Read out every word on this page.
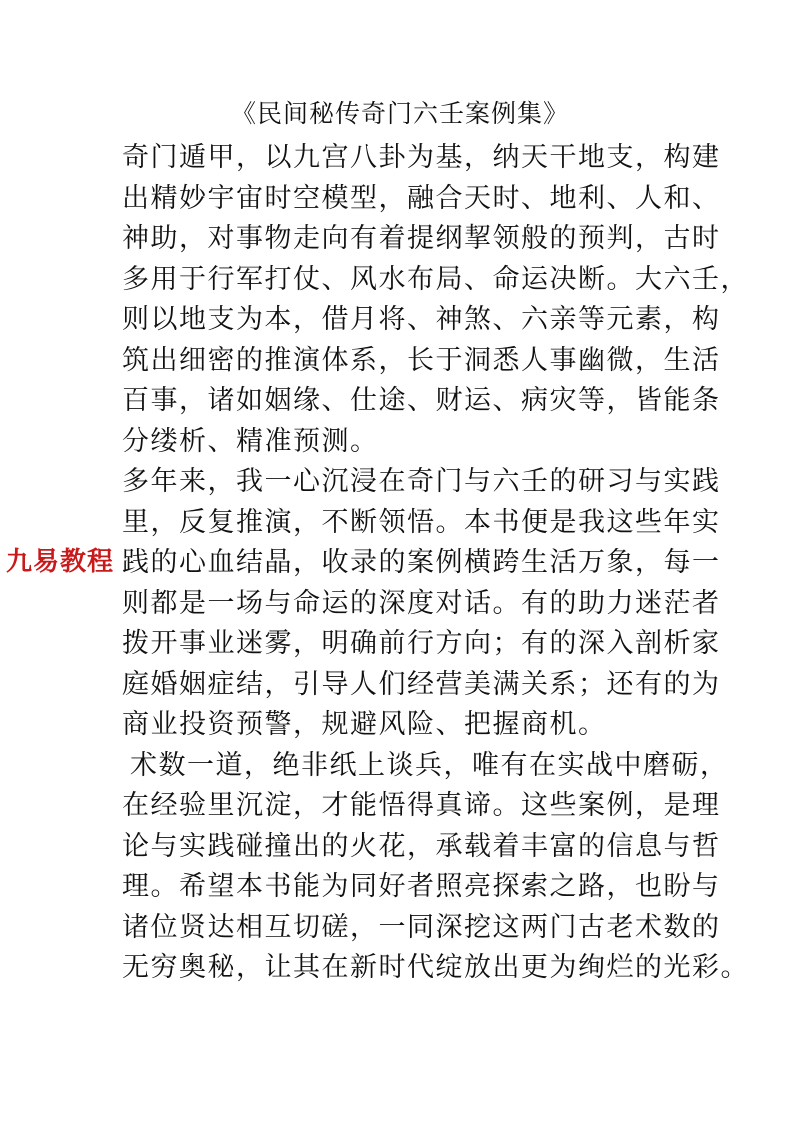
《民间秘传奇门六壬案例集》
奇门遁甲，以九宫八卦为基，纳天干地支，构建
出精妙宇宙时空模型，融合天时、地利、人和、
神助，对事物走向有着提纲挈领般的预判，古时
多用于行军打仗、风水布局、命运决断。大六壬，
则以地支为本，借月将、神煞、六亲等元素，构
筑出细密的推演体系，长于洞悉人事幽微，生活
百事，诸如姻缘、仕途、财运、病灾等，皆能条
分缕析、精准预测。
多年来，我一心沉浸在奇门与六壬的研习与实践
里，反复推演，不断领悟。本书便是我这些年实
践的心血结晶，收录的案例横跨生活万象，每一
则都是一场与命运的深度对话。有的助力迷茫者
拨开事业迷雾，明确前行方向；有的深入剖析家
庭婚姻症结，引导人们经营美满关系；还有的为
商业投资预警，规避风险、把握商机。
术数一道，绝非纸上谈兵，唯有在实战中磨砺，
在经验里沉淀，才能悟得真谛。这些案例，是理
论与实践碰撞出的火花，承载着丰富的信息与哲
理。希望本书能为同好者照亮探索之路，也盼与
诸位贤达相互切磋，一同深挖这两门古老术数的
无穷奥秘，让其在新时代绽放出更为绚烂的光彩。
九易教程
